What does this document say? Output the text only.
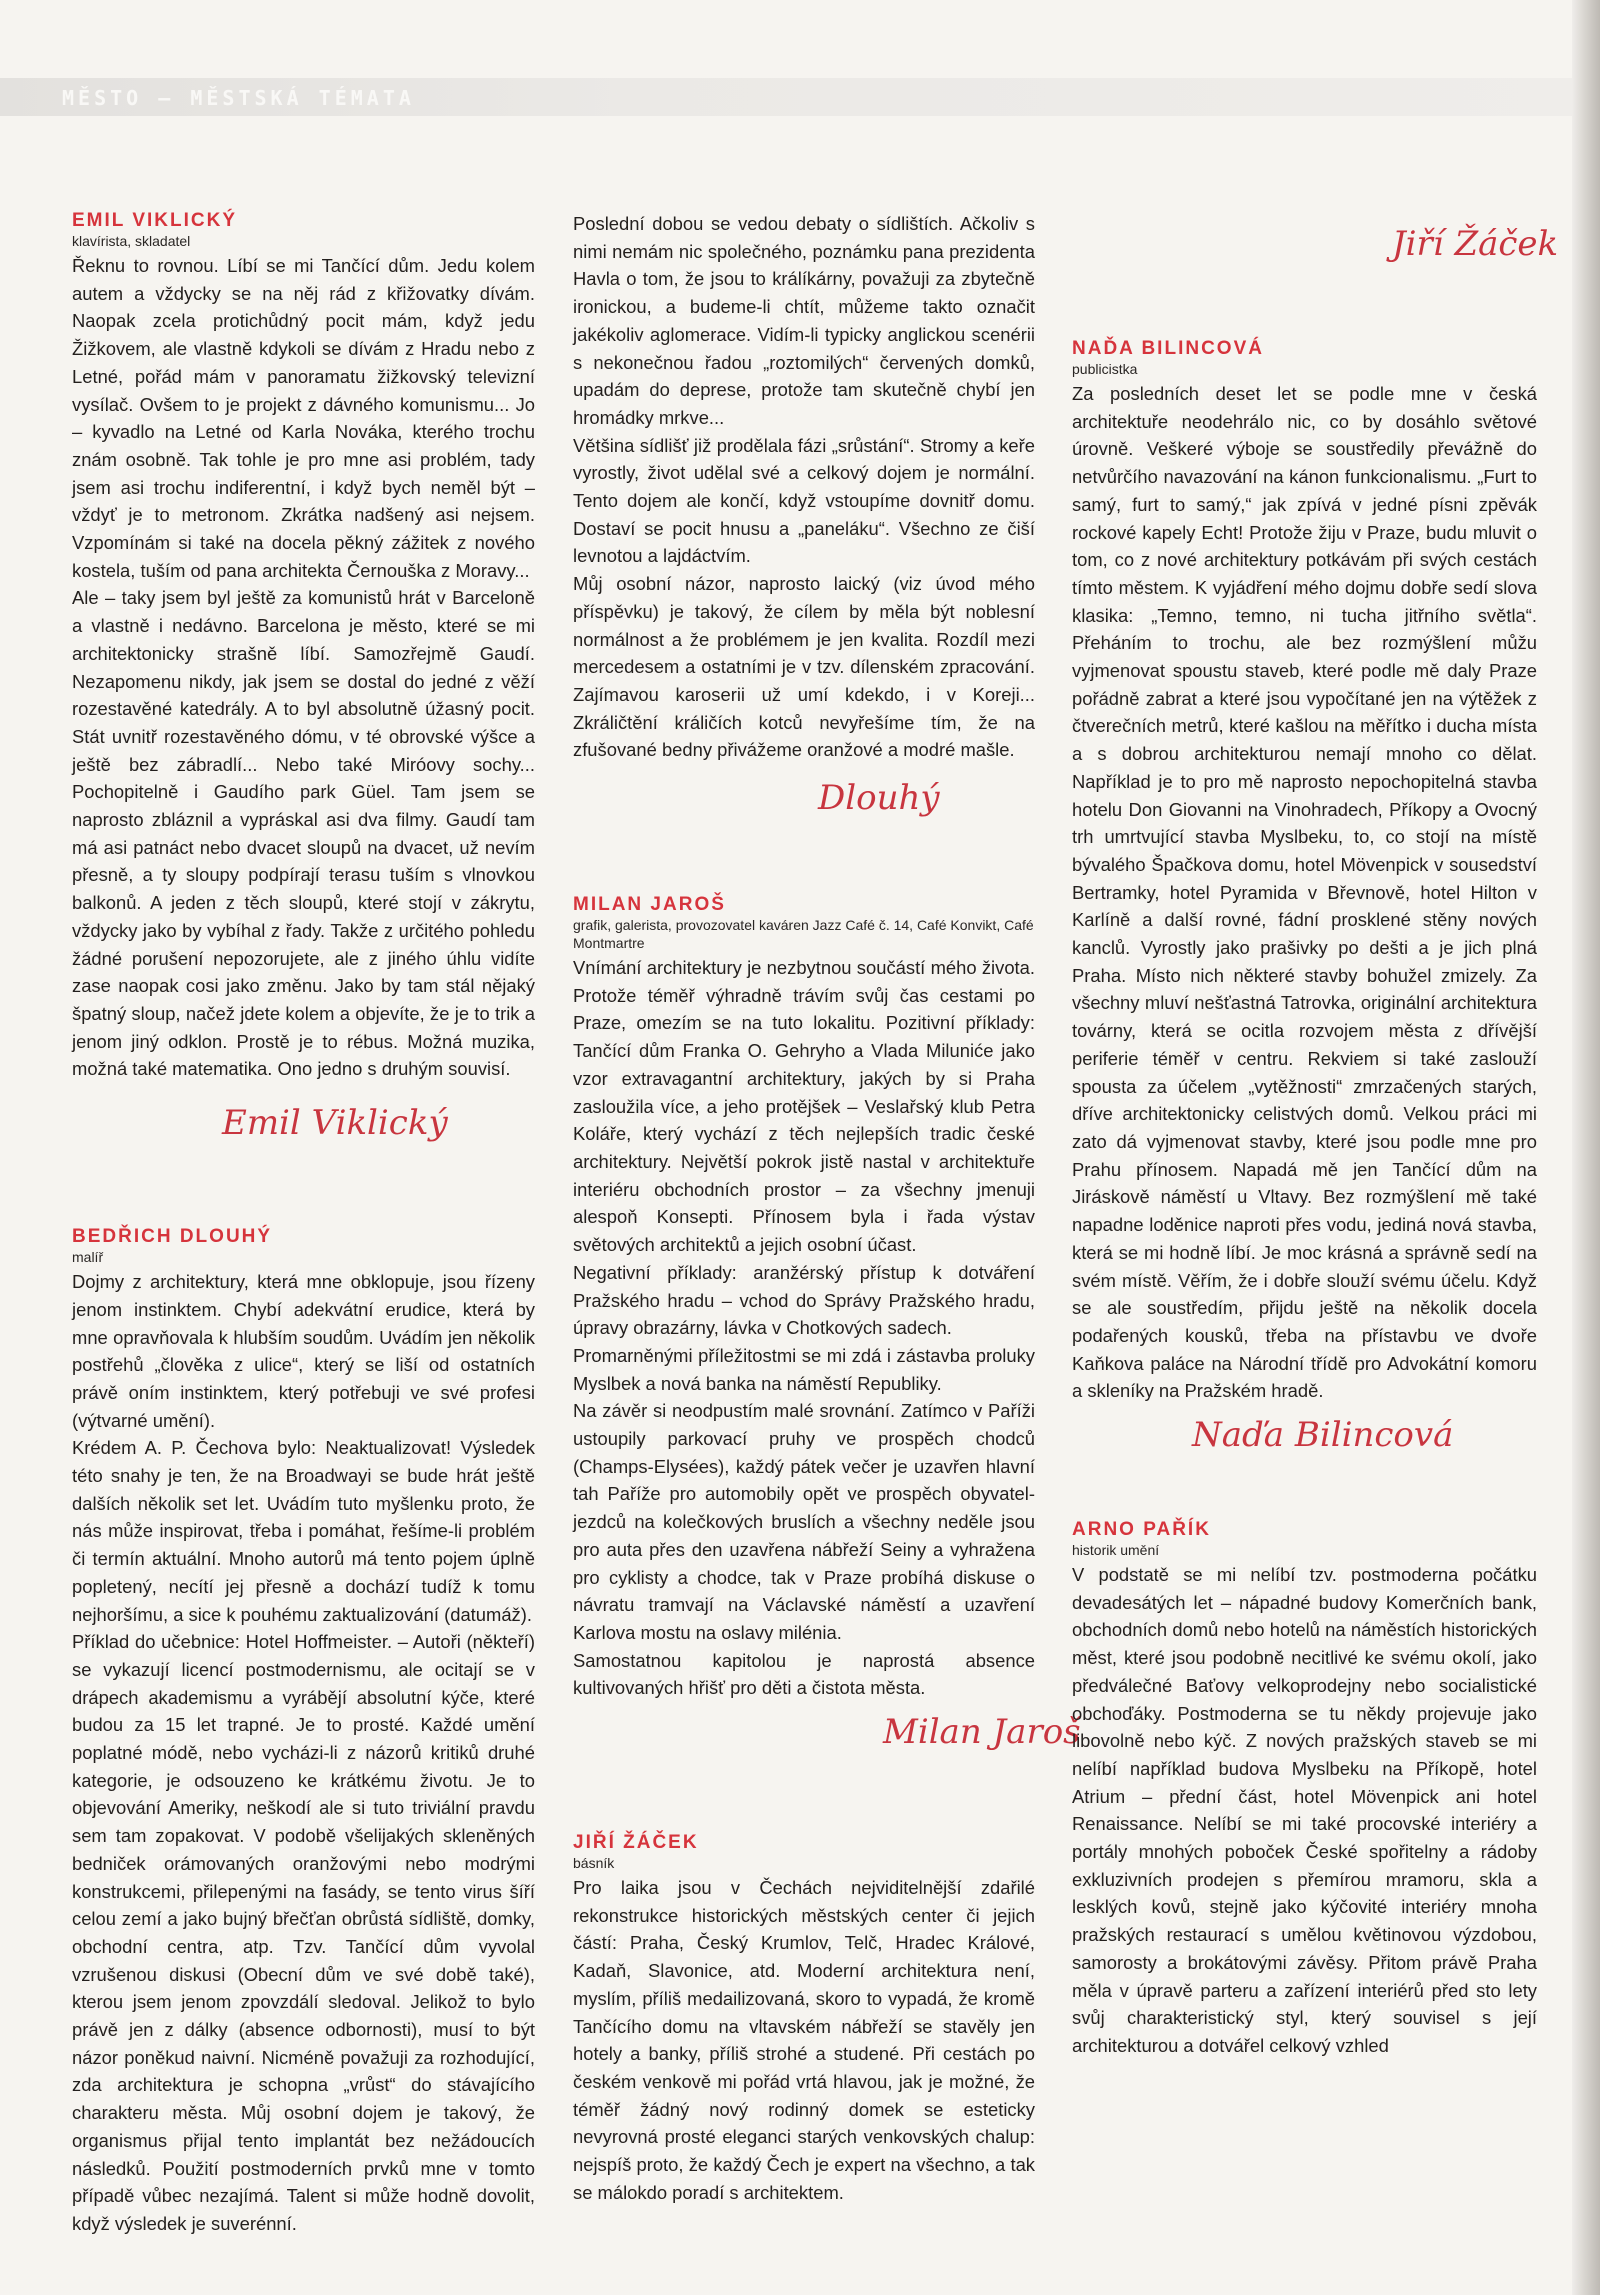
MĚSTO — MĚSTSKÁ TÉMATA
EMIL VIKLICKÝ
klavírista, skladatel

Řeknu to rovnou. Líbí se mi Tančící dům. Jedu kolem autem a vždycky se na něj rád z křižovatky dívám. Naopak zcela protichůdný pocit mám, když jedu Žižkovem, ale vlastně kdykoli se dívám z Hradu nebo z Letné, pořád mám v panoramatu žižkovský televizní vysílač. Ovšem to je projekt z dávného komunismu... Jo – kyvadlo na Letné od Karla Nováka, kterého trochu znám osobně. Tak tohle je pro mne asi problém, tady jsem asi trochu indiferentní, i když bych neměl být – vždyť je to metronom. Zkrátka nadšený asi nejsem. Vzpomínám si také na docela pěkný zážitek z nového kostela, tuším od pana architekta Černouška z Moravy...

Ale – taky jsem byl ještě za komunistů hrát v Barceloně a vlastně i nedávno. Barcelona je město, které se mi architektonicky strašně líbí. Samozřejmě Gaudí. Nezapomenu nikdy, jak jsem se dostal do jedné z věží rozestavěné katedrály. A to byl absolutně úžasný pocit. Stát uvnitř rozestavěného dómu, v té obrovské výšce a ještě bez zábradlí... Nebo také Miróovy sochy... Pochopitelně i Gaudího park Güel. Tam jsem se naprosto zbláznil a vypráskal asi dva filmy. Gaudí tam má asi patnáct nebo dvacet sloupů na dvacet, už nevím přesně, a ty sloupy podpírají terasu tuším s vlnovkou balkonů. A jeden z těch sloupů, které stojí v zákrytu, vždycky jako by vybíhal z řady. Takže z určitého pohledu žádné porušení nepozorujete, ale z jiného úhlu vidíte zase naopak cosi jako změnu. Jako by tam stál nějaký špatný sloup, načež jdete kolem a objevíte, že je to trik a jenom jiný odklon. Prostě je to rébus. Možná muzika, možná také matematika. Ono jedno s druhým souvisí.

Emil Viklický
BEDŘICH DLOUHÝ
malíř

Dojmy z architektury, která mne obklopuje, jsou řízeny jenom instinktem. Chybí adekvátní erudice, která by mne opravňovala k hlubším soudům. Uvádím jen několik postřehů „člověka z ulice“, který se liší od ostatních právě oním instinktem, který potřebuji ve své profesi (výtvarné umění).

Krédem A. P. Čechova bylo: Neaktualizovat! Výsledek této snahy je ten, že na Broadwayi se bude hrát ještě dalších několik set let. Uvádím tuto myšlenku proto, že nás může inspirovat, třeba i pomáhat, řešíme-li problém či termín aktuální. Mnoho autorů má tento pojem úplně popletený, necítí jej přesně a dochází tudíž k tomu nejhoršímu, a sice k pouhému zaktualizování (datumáž).

Příklad do učebnice: Hotel Hoffmeister. – Autoři (někteří) se vykazují licencí postmodernismu, ale ocitají se v drápech akademismu a vyrábějí absolutní kýče, které budou za 15 let trapné. Je to prosté. Každé umění poplatné módě, nebo vycházi-li z názorů kritiků druhé kategorie, je odsouzeno ke krátkému životu. Je to objevování Ameriky, neškodí ale si tuto triviální pravdu sem tam zopakovat. V podobě všelijakých skleněných bedniček orámovaných oranžovými nebo modrými konstrukcemi, přilepenými na fasády, se tento virus šíří celou zemí a jako bujný břečťan obrůstá sídliště, domky, obchodní centra, atp. Tzv. Tančící dům vyvolal vzrušenou diskusi (Obecní dům ve své době také), kterou jsem jenom zpovzdálí sledoval. Jelikož to bylo právě jen z dálky (absence odbornosti), musí to být názor poněkud naivní. Nicméně považuji za rozhodující, zda architektura je schopna „vrůst“ do stávajícího charakteru města. Můj osobní dojem je takový, že organismus přijal tento implantát bez nežádoucích následků. Použití postmoderních prvků mne v tomto případě vůbec nezajímá. Talent si může hodně dovolit, když výsledek je suverénní.

Poslední dobou se vedou debaty o sídlištích. Ačkoliv s nimi nemám nic společného, poznámku pana prezidenta Havla o tom, že jsou to králíkárny, považuji za zbytečně ironickou, a budeme-li chtít, můžeme takto označit jakékoliv aglomerace. Vidím-li typicky anglickou scenérii s nekonečnou řadou „roztomilých“ červených domků, upadám do deprese, protože tam skutečně chybí jen hromádky mrkve...

Většina sídlišť již prodělala fázi „srůstání“. Stromy a keře vyrostly, život udělal své a celkový dojem je normální. Tento dojem ale končí, když vstoupíme dovnitř domu. Dostaví se pocit hnusu a „paneláku“. Všechno ze čiší levnotou a lajdáctvím.

Můj osobní názor, naprosto laický (viz úvod mého příspěvku) je takový, že cílem by měla být noblesní normálnost a že problémem je jen kvalita. Rozdíl mezi mercedesem a ostatními je v tzv. dílenském zpracování. Zajímavou karoserii už umí kdekdo, i v Koreji... Zkráličtění králičích kotců nevyřešíme tím, že na zfušované bedny přivážeme oranžové a modré mašle.

Dlouhý
MILAN JAROŠ
grafik, galerista, provozovatel kaváren Jazz Café č. 14, Café Konvikt, Café Montmartre

Vnímání architektury je nezbytnou součástí mého života. Protože téměř výhradně trávím svůj čas cestami po Praze, omezím se na tuto lokalitu. Pozitivní příklady: Tančící dům Franka O. Gehryho a Vlada Miluniće jako vzor extravagantní architektury, jakých by si Praha zasloužila více, a jeho protějšek – Veslařský klub Petra Koláře, který vychází z těch nejlepších tradic české architektury. Největší pokrok jistě nastal v architektuře interiéru obchodních prostor – za všechny jmenuji alespoň Konsepti. Přínosem byla i řada výstav světových architektů a jejich osobní účast.

Negativní příklady: aranžérský přístup k dotváření Pražského hradu – vchod do Správy Pražského hradu, úpravy obrazárny, lávka v Chotkových sadech.

Promarněnými příležitostmi se mi zdá i zástavba proluky Myslbek a nová banka na náměstí Republiky.

Na závěr si neodpustím malé srovnání. Zatímco v Paříži ustoupily parkovací pruhy ve prospěch chodců (Champs-Elysées), každý pátek večer je uzavřen hlavní tah Paříže pro automobily opět ve prospěch obyvatel-jezdců na kolečkových bruslích a všechny neděle jsou pro auta přes den uzavřena nábřeží Seiny a vyhražena pro cyklisty a chodce, tak v Praze probíhá diskuse o návratu tramvají na Václavské náměstí a uzavření Karlova mostu na oslavy milénia.

Samostatnou kapitolou je naprostá absence kultivovaných hřišť pro děti a čistota města.

Milan Jaroš
JIŘÍ ŽÁČEK
básník

Pro laika jsou v Čechách nejviditelnější zdařilé rekonstrukce historických městských center či jejich částí: Praha, Český Krumlov, Telč, Hradec Králové, Kadaň, Slavonice, atd. Moderní architektura není, myslím, příliš medailizovaná, skoro to vypadá, že kromě Tančícího domu na vltavském nábřeží se stavěly jen hotely a banky, příliš strohé a studené. Při cestách po českém venkově mi pořád vrtá hlavou, jak je možné, že téměř žádný nový rodinný domek se esteticky nevyrovná prosté eleganci starých venkovských chalup: nejspíš proto, že každý Čech je expert na všechno, a tak se málokdo poradí s architektem.

Jiří Žáček
NAĎA BILINCOVÁ
publicistka

Za posledních deset let se podle mne v česká architektuře neodehrálo nic, co by dosáhlo světové úrovně. Veškeré výboje se soustředily převážně do netvůrčího navazování na kánon funkcionalismu. „Furt to samý, furt to samý,“ jak zpívá v jedné písni zpěvák rockové kapely Echt! Protože žiju v Praze, budu mluvit o tom, co z nové architektury potkávám při svých cestách tímto městem. K vyjádření mého dojmu dobře sedí slova klasika: „Temno, temno, ni tucha jitřního světla“. Přeháním to trochu, ale bez rozmýšlení můžu vyjmenovat spoustu staveb, které podle mě daly Praze pořádně zabrat a které jsou vypočítané jen na výtěžek z čtverečních metrů, které kašlou na měřítko i ducha místa a s dobrou architekturou nemají mnoho co dělat. Například je to pro mě naprosto nepochopitelná stavba hotelu Don Giovanni na Vinohradech, Příkopy a Ovocný trh umrtvující stavba Myslbeku, to, co stojí na místě bývalého Špačkova domu, hotel Mövenpick v sousedství Bertramky, hotel Pyramida v Břevnově, hotel Hilton v Karlíně a další rovné, fádní prosklené stěny nových kanclů. Vyrostly jako prašivky po dešti a je jich plná Praha. Místo nich některé stavby bohužel zmizely. Za všechny mluví nešťastná Tatrovka, originální architektura továrny, která se ocitla rozvojem města z dřívější periferie téměř v centru. Rekviem si také zaslouží spousta za účelem „vytěžnosti“ zmrzačených starých, dříve architektonicky celistvých domů. Velkou práci mi zato dá vyjmenovat stavby, které jsou podle mne pro Prahu přínosem. Napadá mě jen Tančící dům na Jiráskově náměstí u Vltavy. Bez rozmýšlení mě také napadne loděnice naproti přes vodu, jediná nová stavba, která se mi hodně líbí. Je moc krásná a správně sedí na svém místě. Věřím, že i dobře slouží svému účelu. Když se ale soustředím, přijdu ještě na několik docela podařených kousků, třeba na přístavbu ve dvoře Kaňkova paláce na Národní třídě pro Advokátní komoru a skleníky na Pražském hradě.

Naďa Bilincová
ARNO PAŘÍK
historik umění

V podstatě se mi nelíbí tzv. postmoderna počátku devadesátých let – nápadné budovy Komerčních bank, obchodních domů nebo hotelů na náměstích historických měst, které jsou podobně necitlivé ke svému okolí, jako předválečné Baťovy velkoprodejny nebo socialistické obchoďáky. Postmoderna se tu někdy projevuje jako libovolně nebo kýč. Z nových pražských staveb se mi nelíbí například budova Myslbeku na Příkopě, hotel Atrium – přední část, hotel Mövenpick ani hotel Renaissance. Nelíbí se mi také procovské interiéry a portály mnohých poboček České spořitelny a rádoby exkluzivních prodejen s přemírou mramoru, skla a lesklých kovů, stejně jako kýčovité interiéry mnoha pražských restaurací s umělou květinovou výzdobou, samorosty a brokátovými závěsy. Přitom právě Praha měla v úpravě parteru a zařízení interiérů před sto lety svůj charakteristický styl, který souvisel s její architekturou a dotvářel celkový vzhled
